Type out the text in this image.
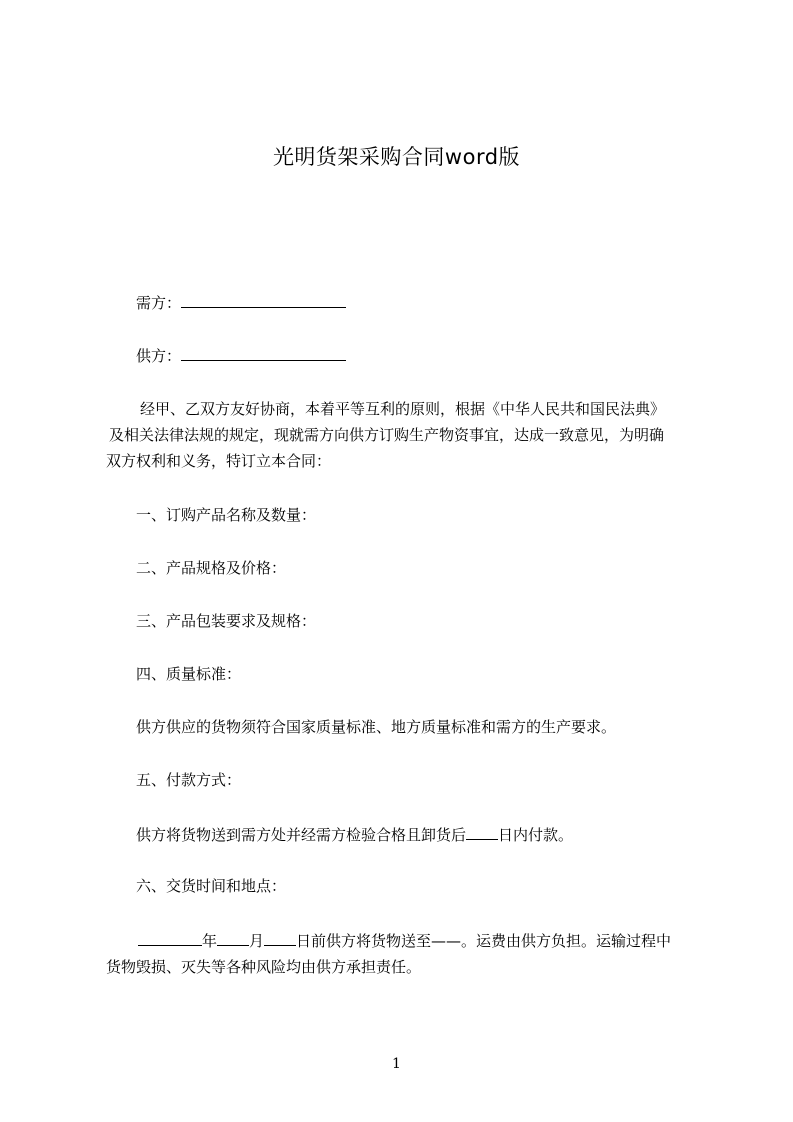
光明货架采购合同word版
需方：
供方：
经甲、乙双方友好协商，本着平等互利的原则，根据《中华人民共和国民法典》
及相关法律法规的规定，现就需方向供方订购生产物资事宜，达成一致意见，为明确
双方权利和义务，特订立本合同：
一、订购产品名称及数量：
二、产品规格及价格：
三、产品包装要求及规格：
四、质量标准：
供方供应的货物须符合国家质量标准、地方质量标准和需方的生产要求。
五、付款方式：
供方将货物送到需方处并经需方检验合格且卸货后 日内付款。
六、交货时间和地点：
年 月 日前供方将货物送至——。运费由供方负担。运输过程中
货物毁损、灭失等各种风险均由供方承担责任。
1
